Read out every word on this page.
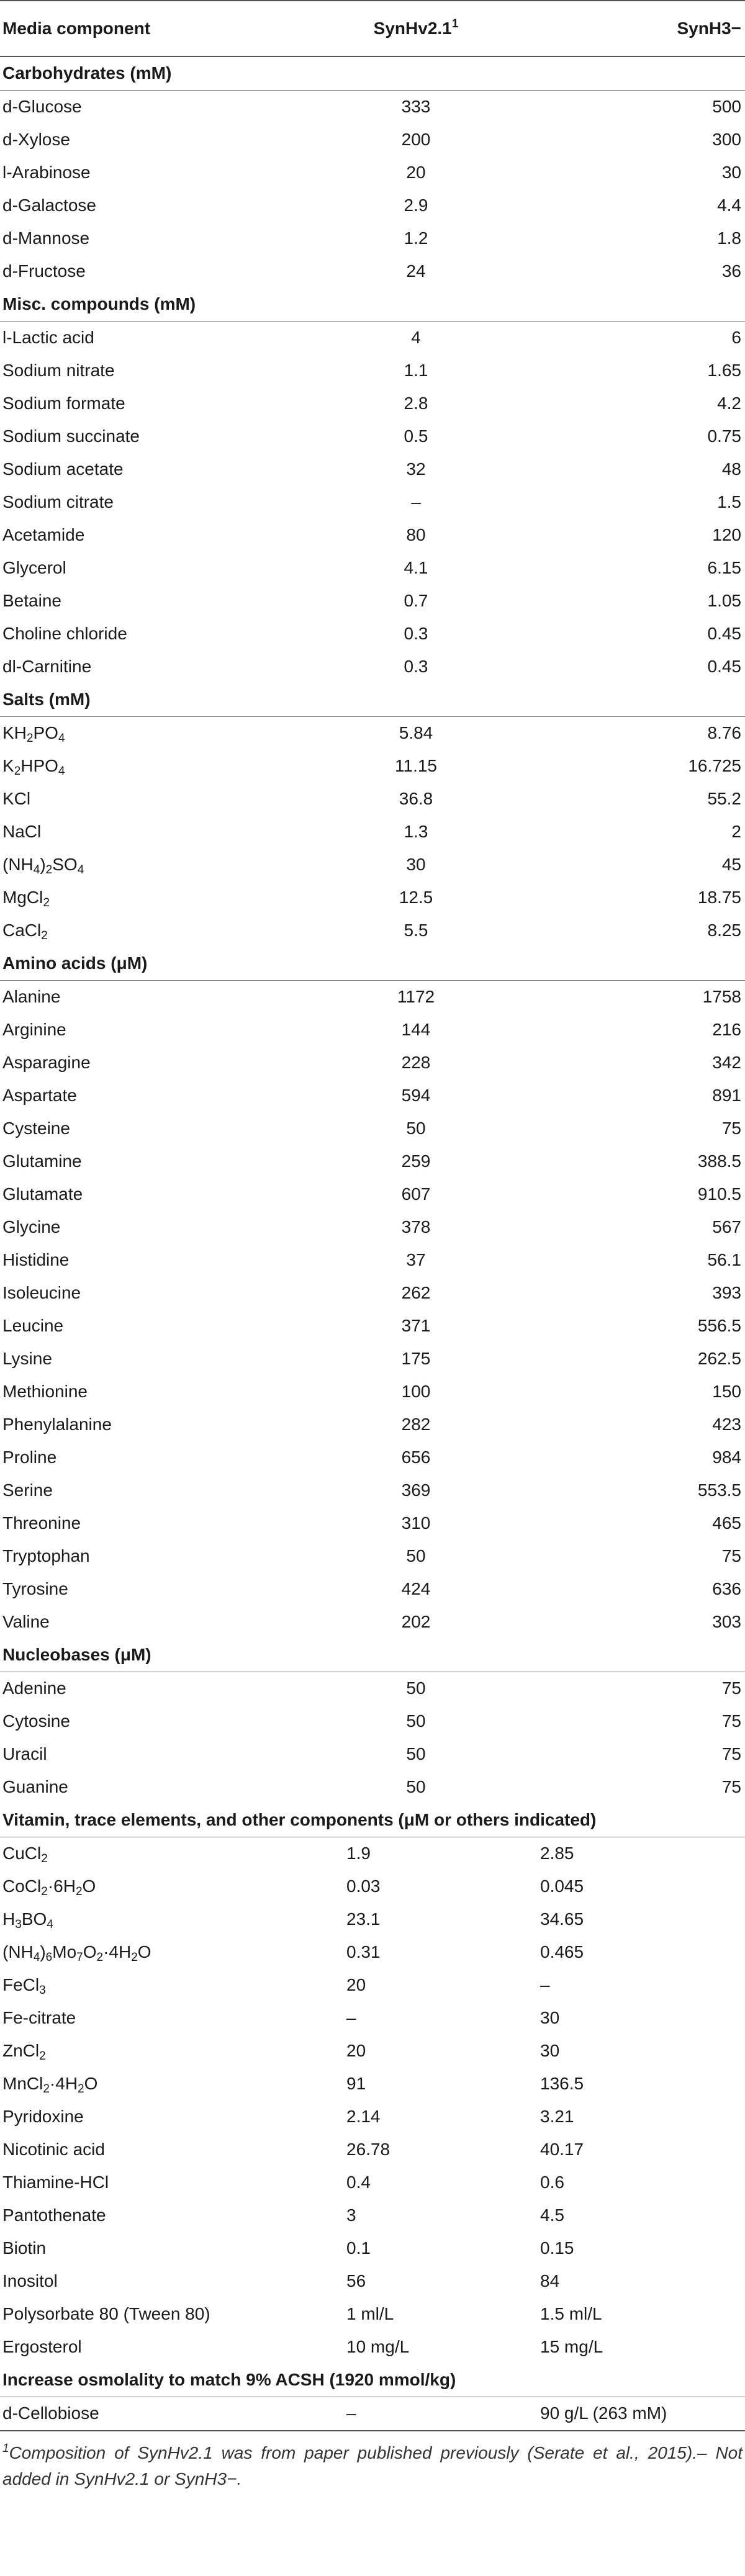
Media component	$SynHv2.1^1$	SynH3−
Carbohydrates (mM)		
d-Glucose	333	500
d-Xylose	200	300
l-Arabinose	20	30
d-Galactose	2.9	4.4
d-Mannose	1.2	1.8
d-Fructose	24	36
Misc. compounds (mM)		
l-Lactic acid	4	6
Sodium nitrate	1.1	1.65
Sodium formate	2.8	4.2
Sodium succinate	0.5	0.75
Sodium acetate	32	48
Sodium citrate	–	1.5
Acetamide	80	120
Glycerol	4.1	6.15
Betaine	0.7	1.05
Choline chloride	0.3	0.45
dl-Carnitine	0.3	0.45
Salts (mM)		
$KH_2PO_4$	5.84	8.76
$K_2HPO_4$	11.15	16.725
KCl	36.8	55.2
NaCl	1.3	2
$(NH_4)_2SO_4$	30	45
MgCl$_2$	12.5	18.75
CaCl$_2$	5.5	8.25
Amino acids (μM)		
Alanine	1172	1758
Arginine	144	216
Asparagine	228	342
Aspartate	594	891
Cysteine	50	75
Glutamine	259	388.5
Glutamate	607	910.5
Glycine	378	567
Histidine	37	56.1
Isoleucine	262	393
Leucine	371	556.5
Lysine	175	262.5
Methionine	100	150
Phenylalanine	282	423
Proline	656	984
Serine	369	553.5
Threonine	310	465
Tryptophan	50	75
Tyrosine	424	636
Valine	202	303
Nucleobases (μM)		
Adenine	50	75
Cytosine	50	75
Uracil	50	75
Guanine	50	75
Vitamin, trace elements, and other components (μM or others indicated)		
CuCl$_2$	1.9	2.85
$CoCl_2\cdot 6H_2O$	0.03	0.045
$H_3BO_4$	23.1	34.65
$(NH_4)_6Mo_7O_2\cdot 4H_2O$	0.31	0.465
FeCl$_3$	20	–
Fe-citrate	–	30
ZnCl$_2$	20	30
$MnCl_2\cdot 4H_2O$	91	136.5
Pyridoxine	2.14	3.21
Nicotinic acid	26.78	40.17
Thiamine-HCl	0.4	0.6
Pantothenate	3	4.5
Biotin	0.1	0.15
Inositol	56	84
Polysorbate 80 (Tween 80)	1 ml/L	1.5 ml/L
Ergosterol	10 mg/L	15 mg/L
Increase osmolality to match 9% ACSH (1920 mmol/kg)		
d-Cellobiose	–	90 g/L (263 mM)
$^1$Composition of SynHv2.1 was from paper published previously (Serate et al., 2015).– Not added in SynHv2.1 or SynH3−.
